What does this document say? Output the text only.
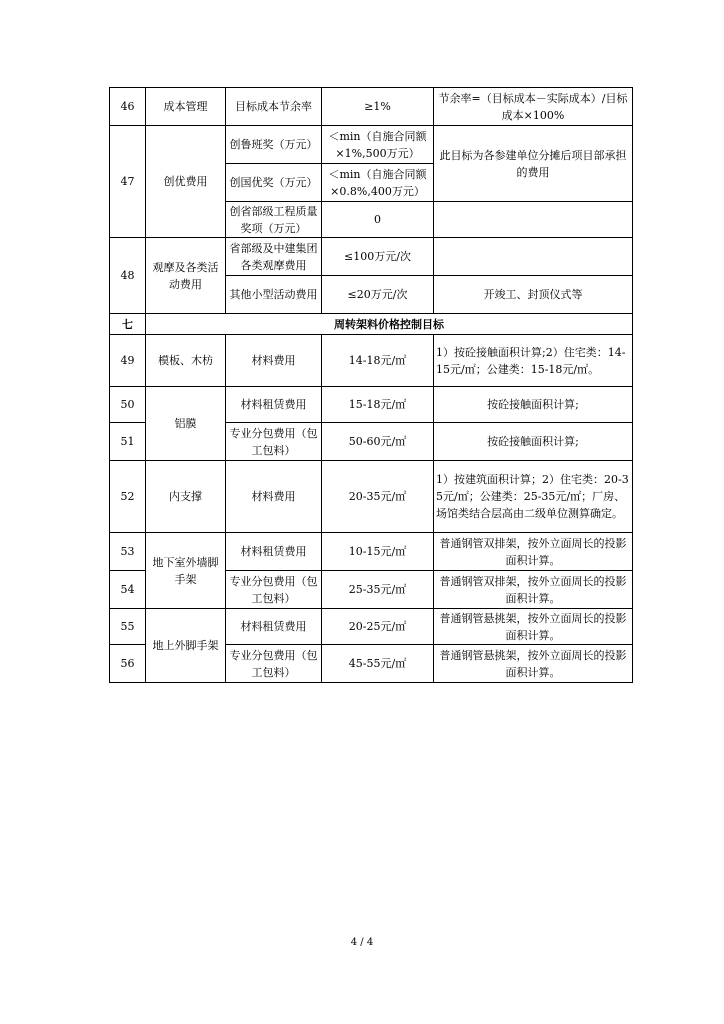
46	成本管理	目标成本节余率	≥1%	节余率=（目标成本－实际成本）/目标成本×100%
47	创优费用	创鲁班奖（万元）	＜min（自施合同额×1%,500万元）	此目标为各参建单位分摊后项目部承担的费用
		创国优奖（万元）	＜min（自施合同额×0.8%,400万元）	
		创省部级工程质量奖项（万元）	0	
48	观摩及各类活动费用	省部级及中建集团各类观摩费用	≤100万元/次	
		其他小型活动费用	≤20万元/次	开竣工、封顶仪式等
七	周转架料价格控制目标			
49	模板、木枋	材料费用	14-18元/㎡	1）按砼接触面积计算;2）住宅类：14-15元/㎡；公建类：15-18元/㎡。
50	铝膜	材料租赁费用	15-18元/㎡	按砼接触面积计算;
51		专业分包费用（包工包料）	50-60元/㎡	按砼接触面积计算;
52	内支撑	材料费用	20-35元/㎡	1）按建筑面积计算；2）住宅类：20-35元/㎡；公建类：25-35元/㎡；厂房、场馆类结合层高由二级单位测算确定。
53	地下室外墙脚手架	材料租赁费用	10-15元/㎡	普通钢管双排架，按外立面周长的投影面积计算。
54		专业分包费用（包工包料）	25-35元/㎡	普通钢管双排架，按外立面周长的投影面积计算。
55	地上外脚手架	材料租赁费用	20-25元/㎡	普通钢管悬挑架，按外立面周长的投影面积计算。
56		专业分包费用（包工包料）	45-55元/㎡	普通钢管悬挑架，按外立面周长的投影面积计算。
4 / 4
